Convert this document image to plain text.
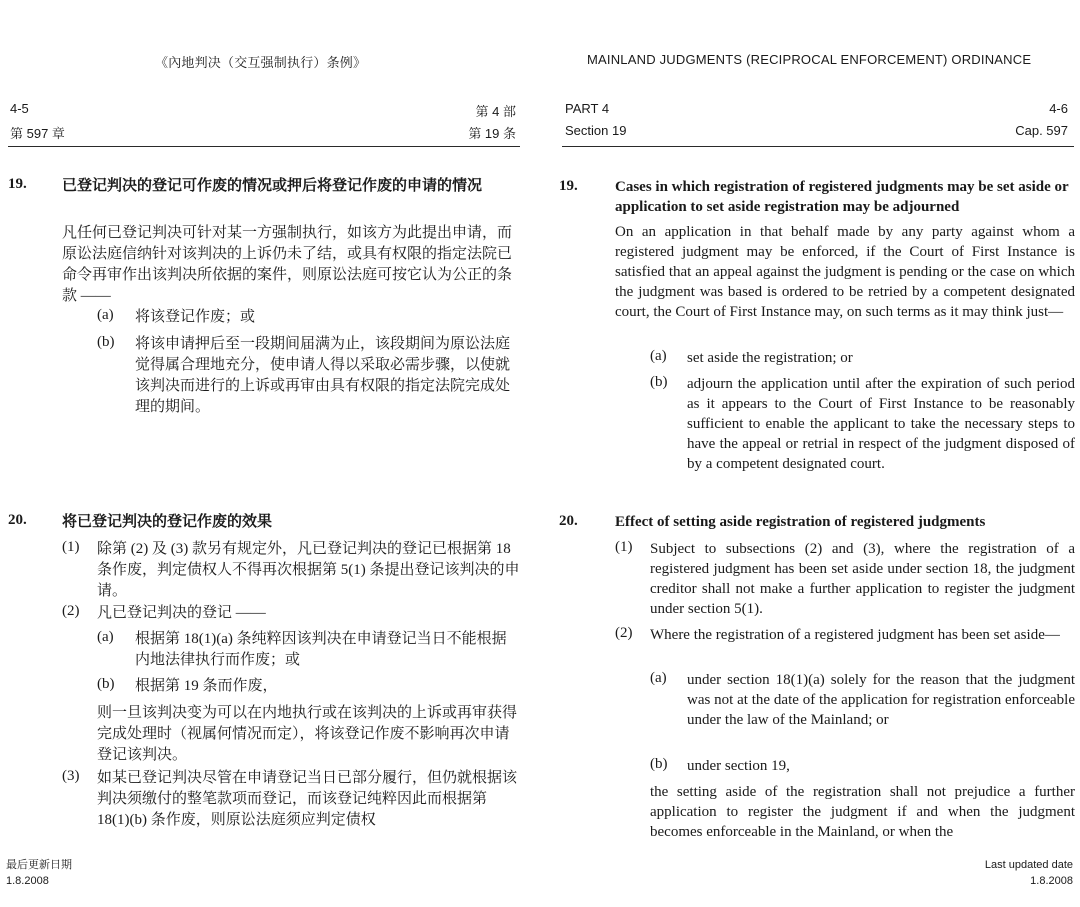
《內地判决（交互强制执行）条例》
4-5
第 597 章
第 4 部
第 19 条
19. 已登记判决的登记可作废的情况或押后将登记作废的申请的情况
凡任何已登记判决可针对某一方强制执行，如该方为此提出申请，而原讼法庭信纳针对该判决的上诉仍未了结，或具有权限的指定法院已命令再审作出该判决所依据的案件，则原讼法庭可按它认为公正的条款 ——
(a) 将该登记作废；或
(b) 将该申请押后至一段期间届满为止，该段期间为原讼法庭觉得属合理地充分，使申请人得以采取必需步骤，以使就该判决而进行的上诉或再审由具有权限的指定法院完成处理的期间。
20. 将已登记判决的登记作废的效果
(1) 除第 (2) 及 (3) 款另有规定外，凡已登记判决的登记已根据第 18 条作废，判定债权人不得再次根据第 5(1) 条提出登记该判决的申请。
(2) 凡已登记判决的登记 ——
(a) 根据第 18(1)(a) 条纯粹因该判决在申请登记当日不能根据内地法律执行而作废；或
(b) 根据第 19 条而作废，
则一旦该判决变为可以在内地执行或在该判决的上诉或再审获得完成处理时（视属何情况而定），将该登记作废不影响再次申请登记该判决。
(3) 如某已登记判决尽管在申请登记当日已部分履行，但仍就根据该判决须缴付的整笔款项而登记，而该登记纯粹因此而根据第 18(1)(b) 条作废，则原讼法庭须应判定债权
最后更新日期
1.8.2008
MAINLAND JUDGMENTS (RECIPROCAL ENFORCEMENT) ORDINANCE
PART 4
Section 19
4-6
Cap. 597
19. Cases in which registration of registered judgments may be set aside or application to set aside registration may be adjourned
On an application in that behalf made by any party against whom a registered judgment may be enforced, if the Court of First Instance is satisfied that an appeal against the judgment is pending or the case on which the judgment was based is ordered to be retried by a competent designated court, the Court of First Instance may, on such terms as it may think just—
(a) set aside the registration; or
(b) adjourn the application until after the expiration of such period as it appears to the Court of First Instance to be reasonably sufficient to enable the applicant to take the necessary steps to have the appeal or retrial in respect of the judgment disposed of by a competent designated court.
20. Effect of setting aside registration of registered judgments
(1) Subject to subsections (2) and (3), where the registration of a registered judgment has been set aside under section 18, the judgment creditor shall not make a further application to register the judgment under section 5(1).
(2) Where the registration of a registered judgment has been set aside—
(a) under section 18(1)(a) solely for the reason that the judgment was not at the date of the application for registration enforceable under the law of the Mainland; or
(b) under section 19,
the setting aside of the registration shall not prejudice a further application to register the judgment if and when the judgment becomes enforceable in the Mainland, or when the
Last updated date
1.8.2008
